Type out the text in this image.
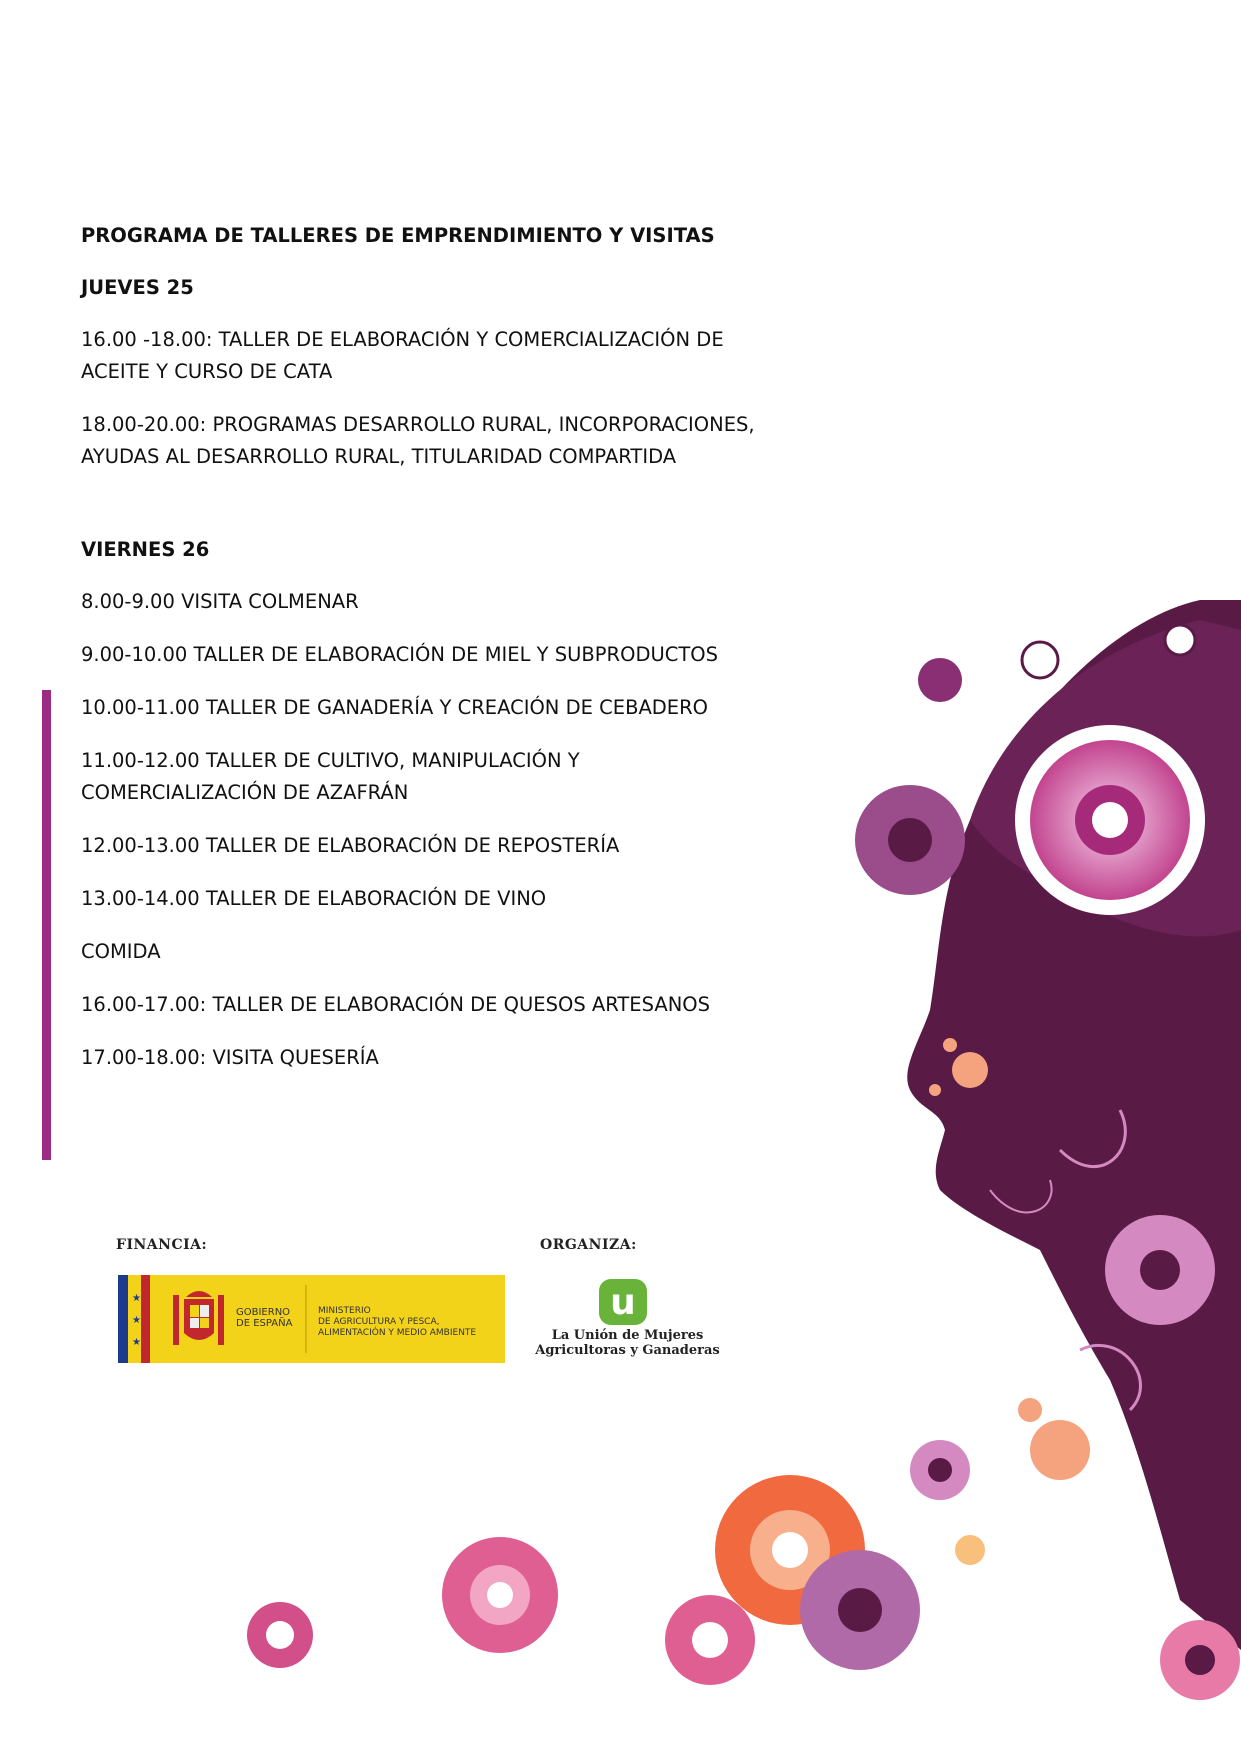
PROGRAMA DE TALLERES DE EMPRENDIMIENTO Y VISITAS

JUEVES 25

16.00 -18.00: TALLER DE ELABORACIÓN Y COMERCIALIZACIÓN DE ACEITE Y CURSO DE CATA

18.00-20.00: PROGRAMAS DESARROLLO RURAL, INCORPORACIONES, AYUDAS AL DESARROLLO RURAL, TITULARIDAD COMPARTIDA

VIERNES 26

8.00-9.00 VISITA COLMENAR

9.00-10.00 TALLER DE ELABORACIÓN DE MIEL Y SUBPRODUCTOS

10.00-11.00 TALLER DE GANADERÍA Y CREACIÓN DE CEBADERO

11.00-12.00 TALLER DE CULTIVO, MANIPULACIÓN Y COMERCIALIZACIÓN DE AZAFRÁN

12.00-13.00 TALLER DE ELABORACIÓN DE REPOSTERÍA

13.00-14.00 TALLER DE ELABORACIÓN DE VINO

COMIDA

16.00-17.00: TALLER DE ELABORACIÓN DE QUESOS ARTESANOS

17.00-18.00: VISITA QUESERÍA

FINANCIA:	ORGANIZA:
★
★
★
GOBIERNO
DE ESPAÑA
MINISTERIO
DE AGRICULTURA Y PESCA,
ALIMENTACIÓN Y MEDIO AMBIENTE
u
La Unión de Mujeres
Agricultoras y Ganaderas
